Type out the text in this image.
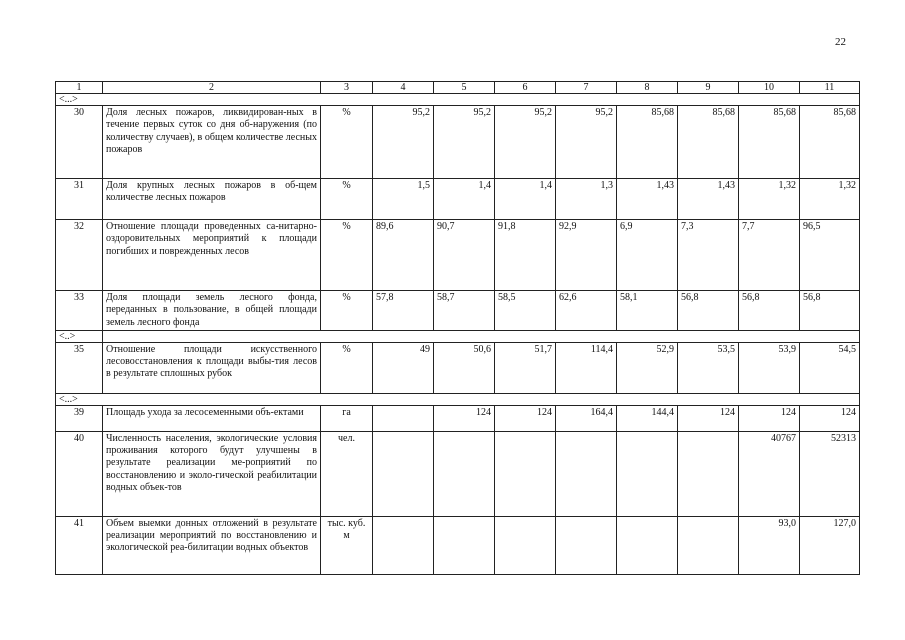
22
1	2	3	4	5	6	7	8	9	10	11
<...>										
30	Доля лесных пожаров, ликвидирован-ных в течение первых суток со дня об-наружения (по количеству случаев), в общем количестве лесных пожаров	%	95,2	95,2	95,2	95,2	85,68	85,68	85,68	85,68
31	Доля крупных лесных пожаров в об-щем количестве лесных пожаров	%	1,5	1,4	1,4	1,3	1,43	1,43	1,32	1,32
32	Отношение площади проведенных са-нитарно-оздоровительных мероприятий к площади погибших и поврежденных лесов	%	89,6	90,7	91,8	92,9	6,9	7,3	7,7	96,5
33	Доля площади земель лесного фонда, переданных в пользование, в общей площади земель лесного фонда	%	57,8	58,7	58,5	62,6	58,1	56,8	56,8	56,8
<..>										
35	Отношение площади искусственного лесовосстановления к площади выбы-тия лесов в результате сплошных рубок	%	49	50,6	51,7	114,4	52,9	53,5	53,9	54,5
<...>										
39	Площадь ухода за лесосеменными объ-ектами	га		124	124	164,4	144,4	124	124	124
40	Численность населения, экологические условия проживания которого будут улучшены в результате реализации ме-роприятий по восстановлению и эколо-гической реабилитации водных объек-тов	чел.							40767	52313
41	Объем выемки донных отложений в результате реализации мероприятий по восстановлению и экологической реа-билитации водных объектов	тыс. куб. м							93,0	127,0
